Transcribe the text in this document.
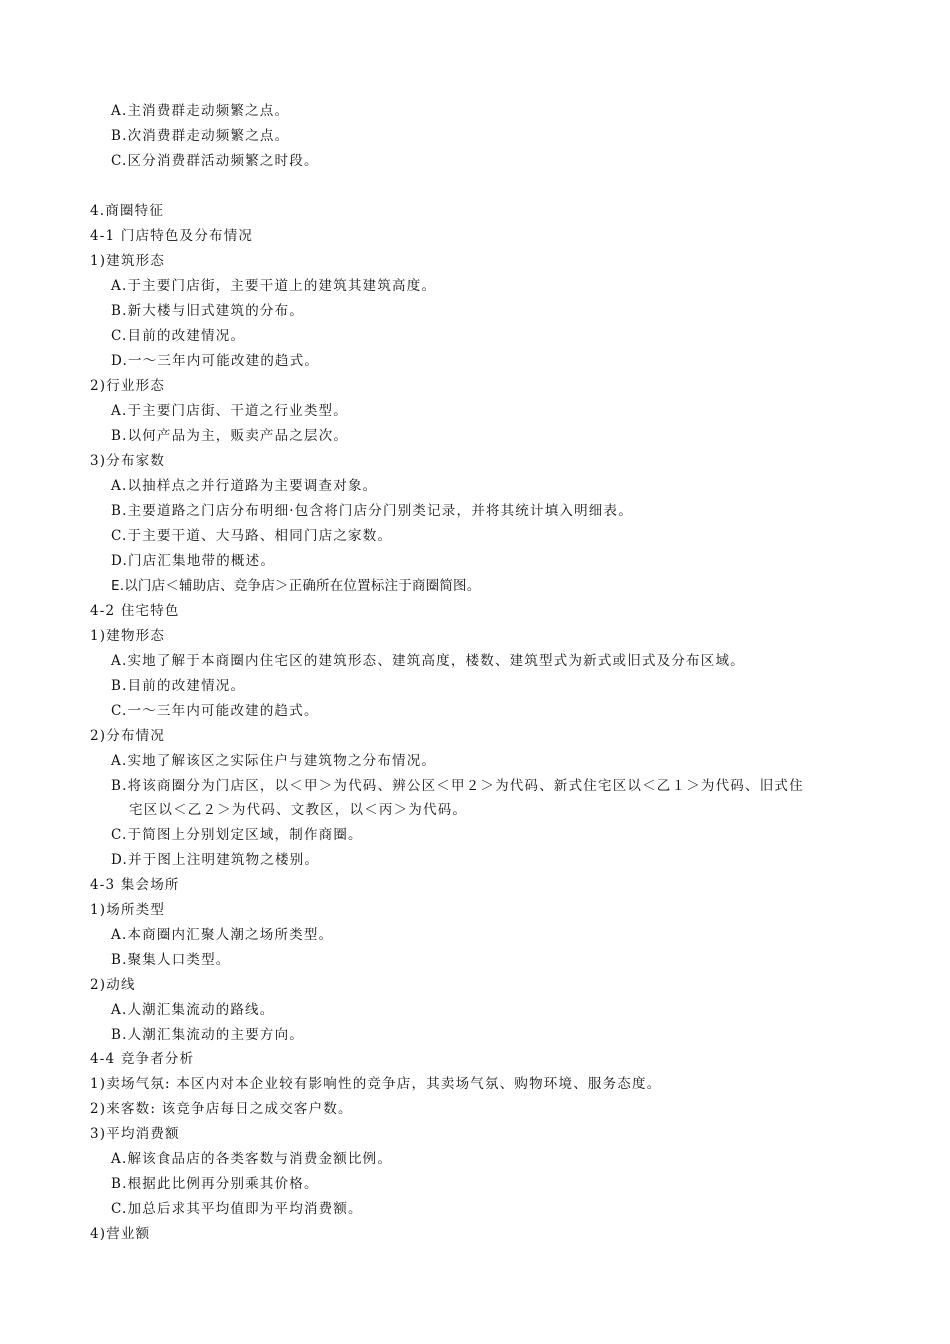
A.主消费群走动频繁之点。
B.次消费群走动频繁之点。
C.区分消费群活动频繁之时段。
4.商圈特征
4-1 门店特色及分布情况
1)建筑形态
A.于主要门店街，主要干道上的建筑其建筑高度。
B.新大楼与旧式建筑的分布。
C.目前的改建情况。
D.一～三年内可能改建的趋式。
2)行业形态
A.于主要门店街、干道之行业类型。
B.以何产品为主，贩卖产品之层次。
3)分布家数
A.以抽样点之并行道路为主要调查对象。
B.主要道路之门店分布明细·包含将门店分门别类记录，并将其统计填入明细表。
C.于主要干道、大马路、相同门店之家数。
D.门店汇集地带的概述。
E.以门店＜辅助店、竞争店＞正确所在位置标注于商圈简图。
4-2 住宅特色
1)建物形态
A.实地了解于本商圈内住宅区的建筑形态、建筑高度，楼数、建筑型式为新式或旧式及分布区域。
B.目前的改建情况。
C.一～三年内可能改建的趋式。
2)分布情况
A.实地了解该区之实际住户与建筑物之分布情况。
B.将该商圈分为门店区，以＜甲＞为代码、辨公区＜甲２＞为代码、新式住宅区以＜乙１＞为代码、旧式住
宅区以＜乙２＞为代码、文教区，以＜丙＞为代码。
C.于简图上分别划定区域，制作商圈。
D.并于图上注明建筑物之楼别。
4-3 集会场所
1)场所类型
A.本商圈内汇聚人潮之场所类型。
B.聚集人口类型。
2)动线
A.人潮汇集流动的路线。
B.人潮汇集流动的主要方向。
4-4 竞争者分析
1)卖场气氛: 本区内对本企业较有影响性的竞争店，其卖场气氛、购物环境、服务态度。
2)来客数: 该竞争店每日之成交客户数。
3)平均消费额
A.解该食品店的各类客数与消费金额比例。
B.根据此比例再分别乘其价格。
C.加总后求其平均值即为平均消费额。
4)营业额
